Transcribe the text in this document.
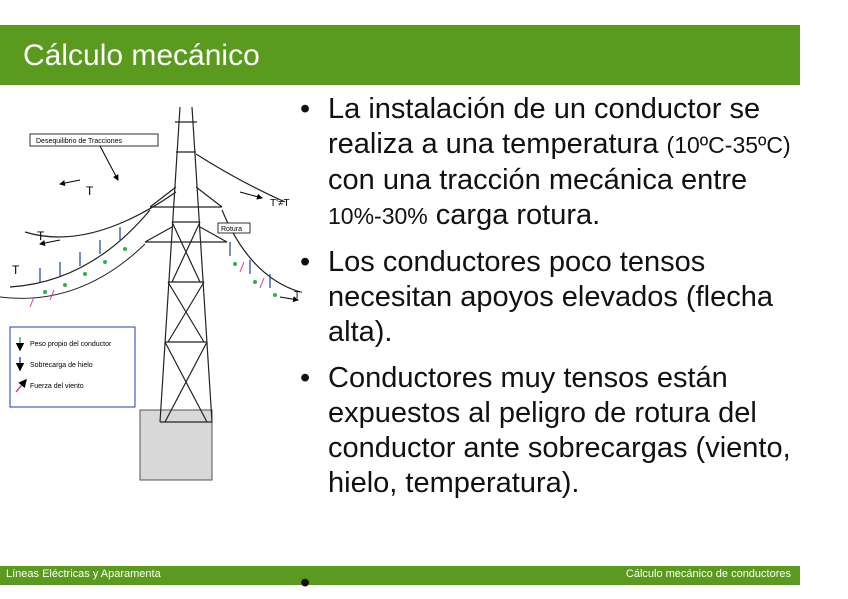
Cálculo mecánico
Desequilibrio de Tracciones
Rotura
T
T
T
T'≠T
T'
Peso propio del conductor
Sobrecarga de hielo
Fuerza del viento
• La instalación de un conductor se realiza a una temperatura (10ºC-35ºC) con una tracción mecánica entre 10%-30% carga rotura.
• Los conductores poco tensos necesitan apoyos elevados (flecha alta).
• Conductores muy tensos están expuestos al peligro de rotura del conductor ante sobrecargas (viento, hielo, temperatura).
Líneas Eléctricas y Aparamenta	Cálculo mecánico de conductores
•
